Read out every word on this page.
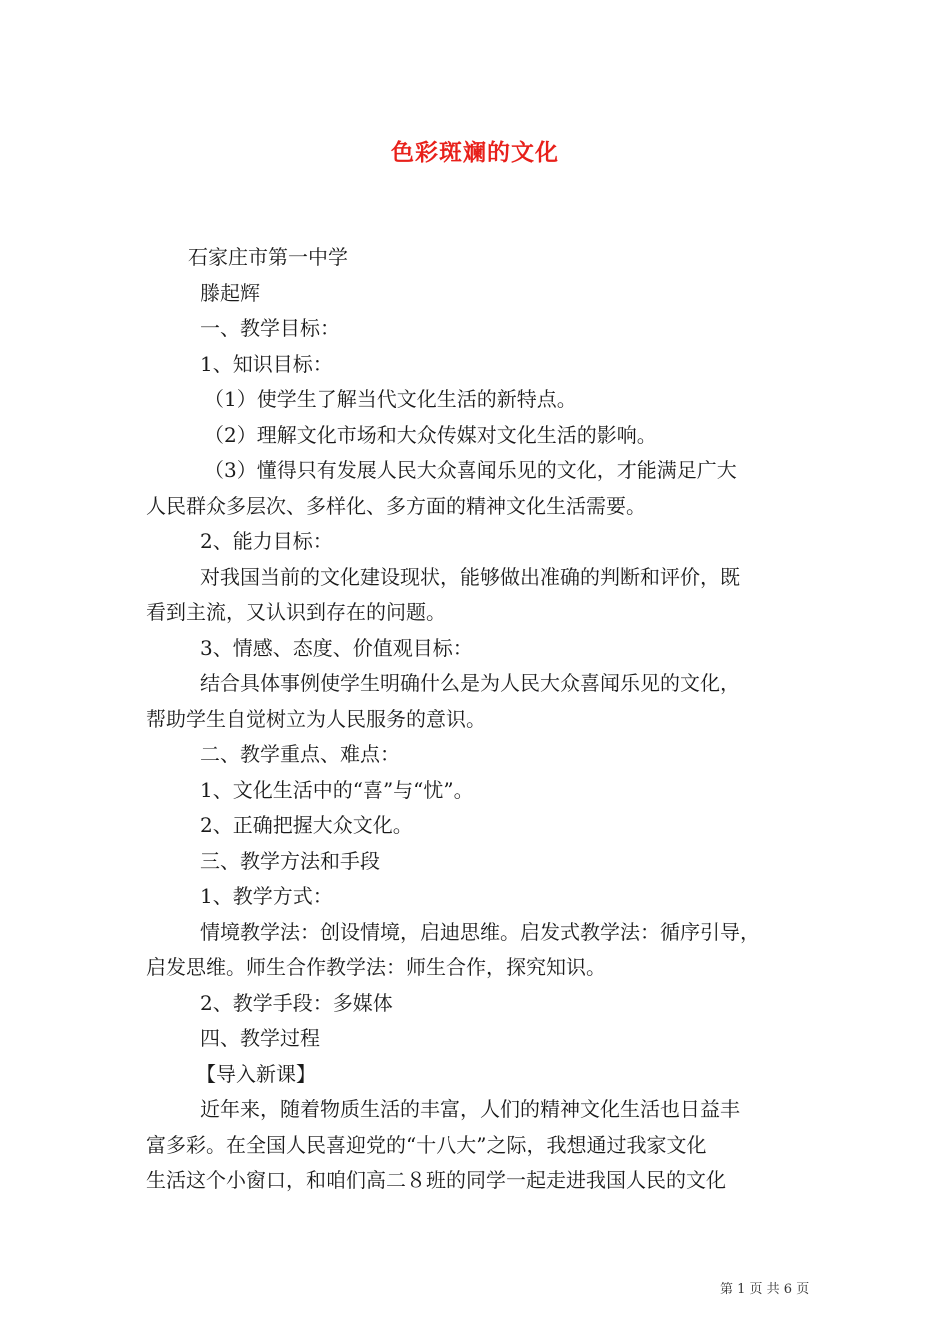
色彩斑斓的文化

石家庄市第一中学

滕起辉

一、教学目标：

1、知识目标：

（1）使学生了解当代文化生活的新特点。

（2）理解文化市场和大众传媒对文化生活的影响。

（3）懂得只有发展人民大众喜闻乐见的文化，才能满足广大

人民群众多层次、多样化、多方面的精神文化生活需要。

2、能力目标：

对我国当前的文化建设现状，能够做出准确的判断和评价，既

看到主流，又认识到存在的问题。

3、情感、态度、价值观目标：

结合具体事例使学生明确什么是为人民大众喜闻乐见的文化，

帮助学生自觉树立为人民服务的意识。

二、教学重点、难点：

1、文化生活中的“喜”与“忧”。

2、正确把握大众文化。

三、教学方法和手段

1、教学方式：

情境教学法：创设情境，启迪思维。启发式教学法：循序引导，

启发思维。师生合作教学法：师生合作，探究知识。

2、教学手段：多媒体

四、教学过程

【导入新课】

近年来，随着物质生活的丰富，人们的精神文化生活也日益丰

富多彩。在全国人民喜迎党的“十八大”之际，我想通过我家文化

生活这个小窗口，和咱们高二８班的同学一起走进我国人民的文化

第 1 页 共 6 页
